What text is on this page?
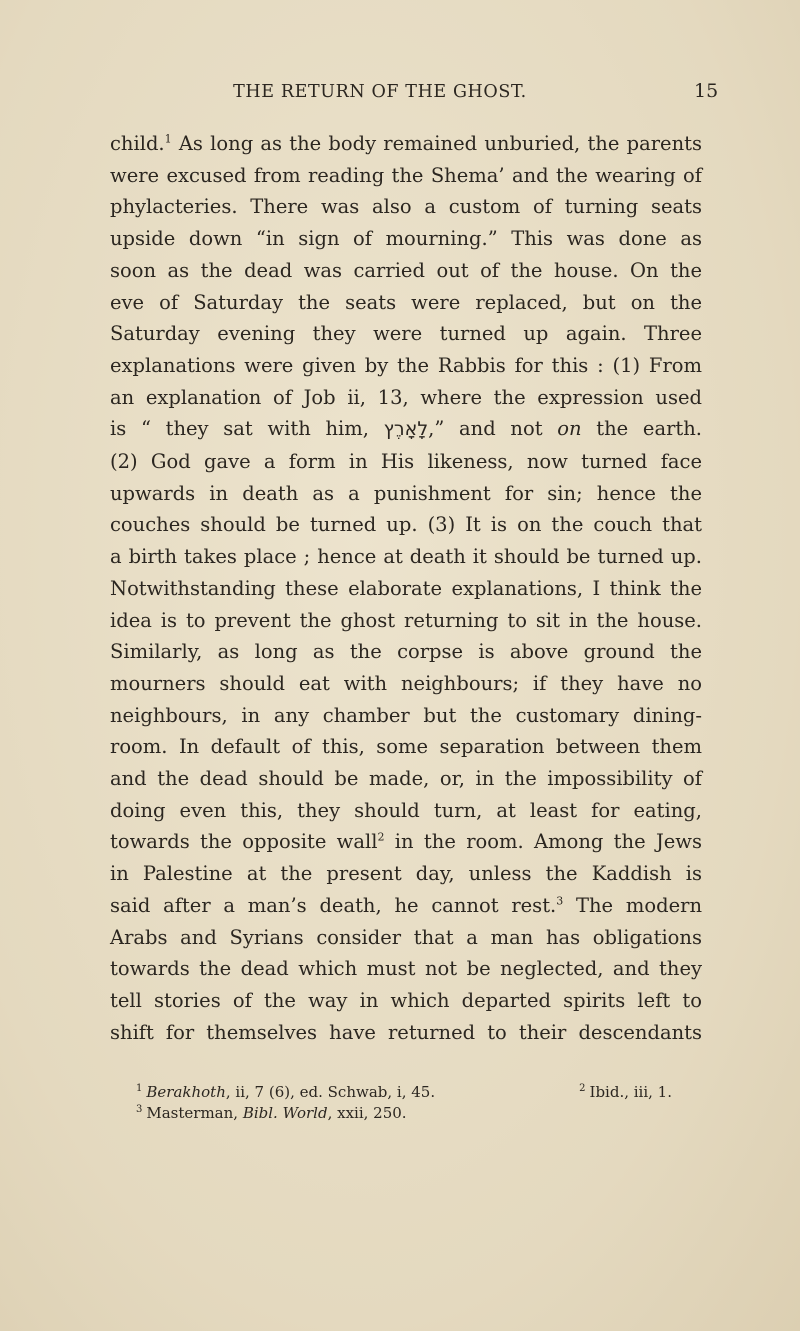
THE RETURN OF THE GHOST.	15
child.$^1$ As long as the body remained unburied, the parents
were excused from reading the Shema’ and the wearing of
phylacteries. There was also a custom of turning seats
upside down “in sign of mourning.” This was done as
soon as the dead was carried out of the house. On the
eve of Saturday the seats were replaced, but on the
Saturday evening they were turned up again. Three
explanations were given by the Rabbis for this : (1) From
an explanation of Job ii, 13, where the expression used
is “ they sat with him, לָאָרֶץ,” and not on the earth.
(2) God gave a form in His likeness, now turned face
upwards in death as a punishment for sin; hence the
couches should be turned up. (3) It is on the couch that
a birth takes place ; hence at death it should be turned up.
Notwithstanding these elaborate explanations, I think the
idea is to prevent the ghost returning to sit in the house.
Similarly, as long as the corpse is above ground the
mourners should eat with neighbours; if they have no
neighbours, in any chamber but the customary dining-
room. In default of this, some separation between them
and the dead should be made, or, in the impossibility of
doing even this, they should turn, at least for eating,
towards the opposite wall$^2$ in the room. Among the Jews
in Palestine at the present day, unless the Kaddish is
said after a man’s death, he cannot rest.$^3$ The modern
Arabs and Syrians consider that a man has obligations
towards the dead which must not be neglected, and they
tell stories of the way in which departed spirits left to
shift for themselves have returned to their descendants
$^1$ Berakhoth, ii, 7 (6), ed. Schwab, i, 45.	$^2$ Ibid., iii, 1.
$^3$ Masterman, Bibl. World, xxii, 250.
